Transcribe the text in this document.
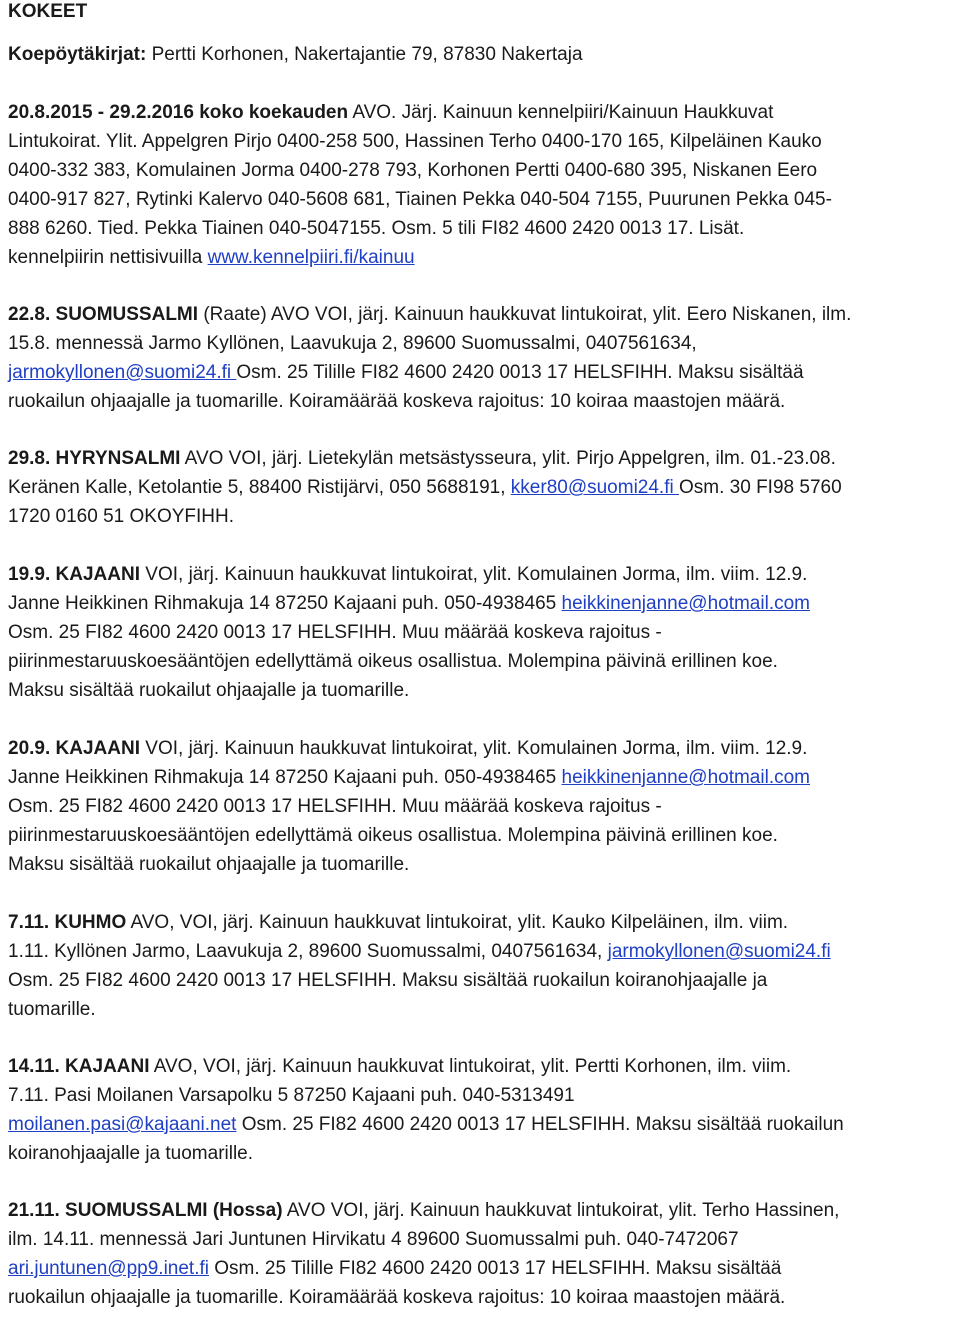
KOKEET
Koepöytäkirjat: Pertti Korhonen, Nakertajantie 79, 87830 Nakertaja
20.8.2015 - 29.2.2016 koko koekauden AVO. Järj. Kainuun kennelpiiri/Kainuun Haukkuvat
Lintukoirat. Ylit. Appelgren Pirjo 0400-258 500, Hassinen Terho 0400-170 165, Kilpeläinen Kauko
0400-332 383, Komulainen Jorma 0400-278 793, Korhonen Pertti 0400-680 395, Niskanen Eero
0400-917 827, Rytinki Kalervo 040-5608 681, Tiainen Pekka 040-504 7155, Puurunen Pekka 045-
888 6260. Tied. Pekka Tiainen 040-5047155. Osm. 5 tili FI82 4600 2420 0013 17. Lisät.
kennelpiirin nettisivuilla www.kennelpiiri.fi/kainuu
22.8. SUOMUSSALMI (Raate) AVO VOI, järj. Kainuun haukkuvat lintukoirat, ylit. Eero Niskanen, ilm.
15.8. mennessä Jarmo Kyllönen, Laavukuja 2, 89600 Suomussalmi, 0407561634,
jarmokyllonen@suomi24.fi Osm. 25 Tilille FI82 4600 2420 0013 17 HELSFIHH. Maksu sisältää
ruokailun ohjaajalle ja tuomarille. Koiramäärää koskeva rajoitus: 10 koiraa maastojen määrä.
29.8. HYRYNSALMI AVO VOI, järj. Lietekylän metsästysseura, ylit. Pirjo Appelgren, ilm. 01.-23.08.
Keränen Kalle, Ketolantie 5, 88400 Ristijärvi, 050 5688191, kker80@suomi24.fi Osm. 30 FI98 5760
1720 0160 51 OKOYFIHH.
19.9. KAJAANI VOI, järj. Kainuun haukkuvat lintukoirat, ylit. Komulainen Jorma, ilm. viim. 12.9.
Janne Heikkinen Rihmakuja 14 87250 Kajaani puh. 050-4938465 heikkinenjanne@hotmail.com
Osm. 25 FI82 4600 2420 0013 17 HELSFIHH. Muu määrää koskeva rajoitus -
piirinmestaruuskoesääntöjen edellyttämä oikeus osallistua. Molempina päivinä erillinen koe.
Maksu sisältää ruokailut ohjaajalle ja tuomarille.
20.9. KAJAANI VOI, järj. Kainuun haukkuvat lintukoirat, ylit. Komulainen Jorma, ilm. viim. 12.9.
Janne Heikkinen Rihmakuja 14 87250 Kajaani puh. 050-4938465 heikkinenjanne@hotmail.com
Osm. 25 FI82 4600 2420 0013 17 HELSFIHH. Muu määrää koskeva rajoitus -
piirinmestaruuskoesääntöjen edellyttämä oikeus osallistua. Molempina päivinä erillinen koe.
Maksu sisältää ruokailut ohjaajalle ja tuomarille.
7.11. KUHMO AVO, VOI, järj. Kainuun haukkuvat lintukoirat, ylit. Kauko Kilpeläinen, ilm. viim.
1.11. Kyllönen Jarmo, Laavukuja 2, 89600 Suomussalmi, 0407561634, jarmokyllonen@suomi24.fi
Osm. 25 FI82 4600 2420 0013 17 HELSFIHH. Maksu sisältää ruokailun koiranohjaajalle ja
tuomarille.
14.11. KAJAANI AVO, VOI, järj. Kainuun haukkuvat lintukoirat, ylit. Pertti Korhonen, ilm. viim.
7.11. Pasi Moilanen Varsapolku 5 87250 Kajaani puh. 040-5313491
moilanen.pasi@kajaani.net Osm. 25 FI82 4600 2420 0013 17 HELSFIHH. Maksu sisältää ruokailun
koiranohjaajalle ja tuomarille.
21.11. SUOMUSSALMI (Hossa) AVO VOI, järj. Kainuun haukkuvat lintukoirat, ylit. Terho Hassinen,
ilm. 14.11. mennessä Jari Juntunen Hirvikatu 4 89600 Suomussalmi puh. 040-7472067
ari.juntunen@pp9.inet.fi Osm. 25 Tilille FI82 4600 2420 0013 17 HELSFIHH. Maksu sisältää
ruokailun ohjaajalle ja tuomarille. Koiramäärää koskeva rajoitus: 10 koiraa maastojen määrä.
